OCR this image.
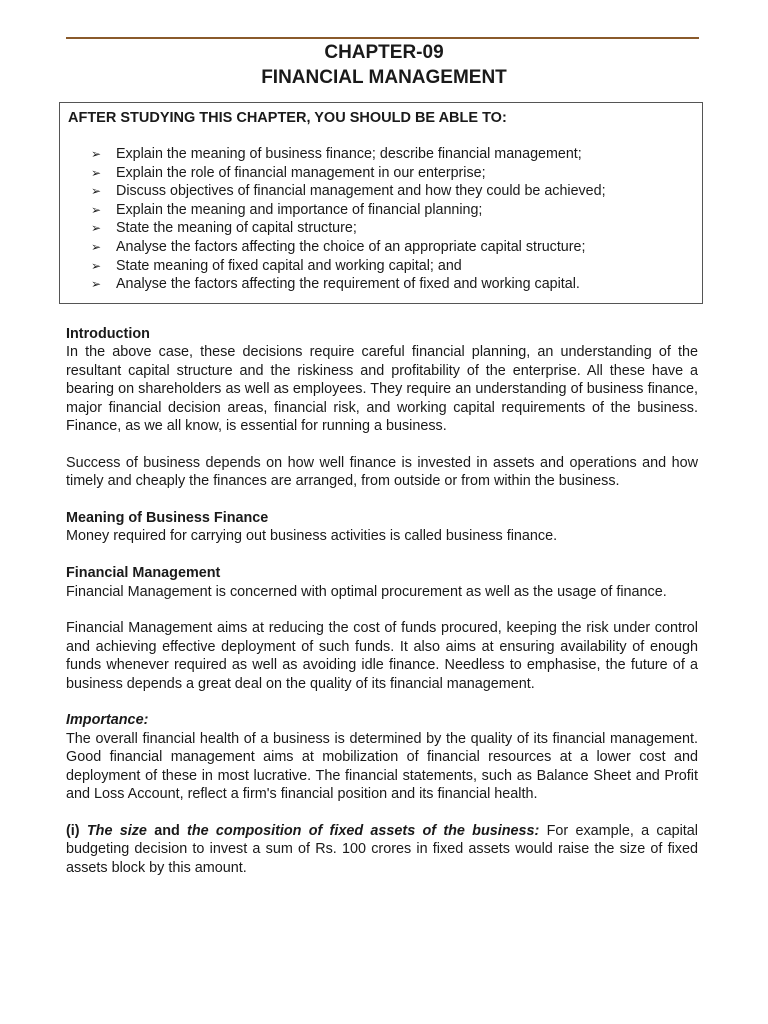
CHAPTER-09
FINANCIAL MANAGEMENT
AFTER STUDYING THIS CHAPTER, YOU SHOULD BE ABLE TO:
➢ Explain the meaning of business finance; describe financial management;
➢ Explain the role of financial management in our enterprise;
➢ Discuss objectives of financial management and how they could be achieved;
➢ Explain the meaning and importance of financial planning;
➢ State the meaning of capital structure;
➢ Analyse the factors affecting the choice of an appropriate capital structure;
➢ State meaning of fixed capital and working capital; and
➢ Analyse the factors affecting the requirement of fixed and working capital.

Introduction

In the above case, these decisions require careful financial planning, an understanding of the resultant capital structure and the riskiness and profitability of the enterprise. All these have a bearing on shareholders as well as employees. They require an understanding of business finance, major financial decision areas, financial risk, and working capital requirements of the business. Finance, as we all know, is essential for running a business.

Success of business depends on how well finance is invested in assets and operations and how timely and cheaply the finances are arranged, from outside or from within the business.

Meaning of Business Finance

Money required for carrying out business activities is called business finance.

Financial Management

Financial Management is concerned with optimal procurement as well as the usage of finance.

Financial Management aims at reducing the cost of funds procured, keeping the risk under control and achieving effective deployment of such funds. It also aims at ensuring availability of enough funds whenever required as well as avoiding idle finance. Needless to emphasise, the future of a business depends a great deal on the quality of its financial management.

Importance:

The overall financial health of a business is determined by the quality of its financial management. Good financial management aims at mobilization of financial resources at a lower cost and deployment of these in most lucrative. The financial statements, such as Balance Sheet and Profit and Loss Account, reflect a firm's financial position and its financial health.

(i) The size and the composition of fixed assets of the business: For example, a capital budgeting decision to invest a sum of Rs. 100 crores in fixed assets would raise the size of fixed assets block by this amount.
